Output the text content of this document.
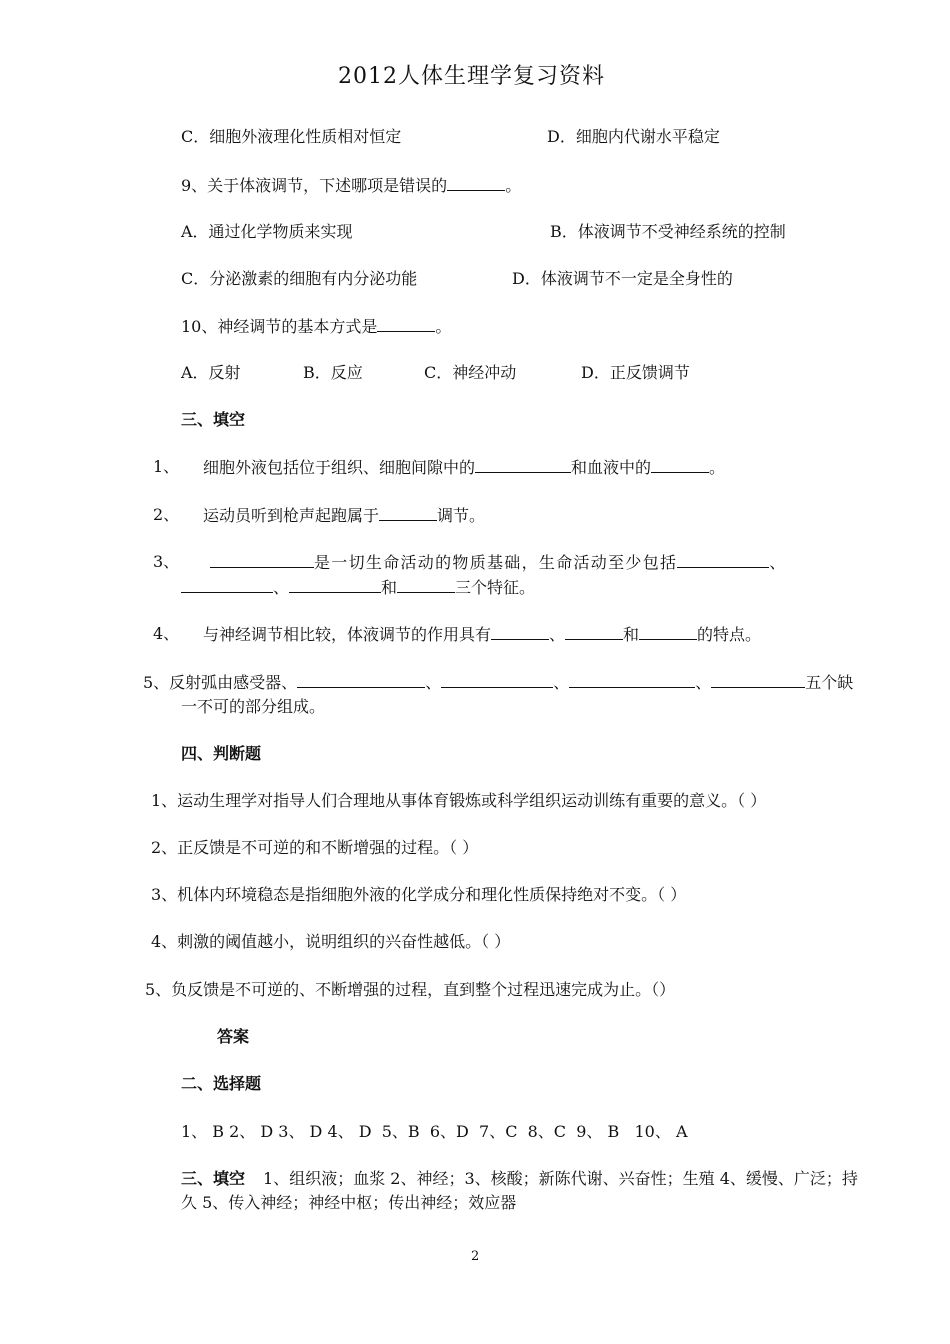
2012人体生理学复习资料
C．细胞外液理化性质相对恒定	D．细胞内代谢水平稳定
9、关于体液调节，下述哪项是错误的	。
A．通过化学物质来实现	B．体液调节不受神经系统的控制
C．分泌激素的细胞有内分泌功能	D．体液调节不一定是全身性的
10、神经调节的基本方式是	。
A．反射	B．反应	C．神经冲动	D．正反馈调节
三、填空
1、 细胞外液包括位于组织、细胞间隙中的	和血液中的	。
2、 运动员听到枪声起跑属于	调节。
3、	是一切生命活动的物质基础，生命活动至少包括	、
、	和	三个特征。
4、 与神经调节相比较，体液调节的作用具有	、	和	的特点。
5、反射弧由感受器、	、	、	、	五个缺
一不可的部分组成。
四、判断题
1、运动生理学对指导人们合理地从事体育锻炼或科学组织运动训练有重要的意义。（ ）
2、正反馈是不可逆的和不断增强的过程。（ ）
3、机体内环境稳态是指细胞外液的化学成分和理化性质保持绝对不变。（ ）
4、刺激的阈值越小，说明组织的兴奋性越低。（ ）
5、负反馈是不可逆的、不断增强的过程，直到整个过程迅速完成为止。（）
答案
二、选择题
1、 B 2、 D 3、 D 4、 D  5、B  6、D  7、C  8、C  9、 B   10、 A
三、填空 1、组织液；血浆 2、神经；3、核酸；新陈代谢、兴奋性；生殖 4、缓慢、广泛；持
久 5、传入神经；神经中枢；传出神经；效应器
2
